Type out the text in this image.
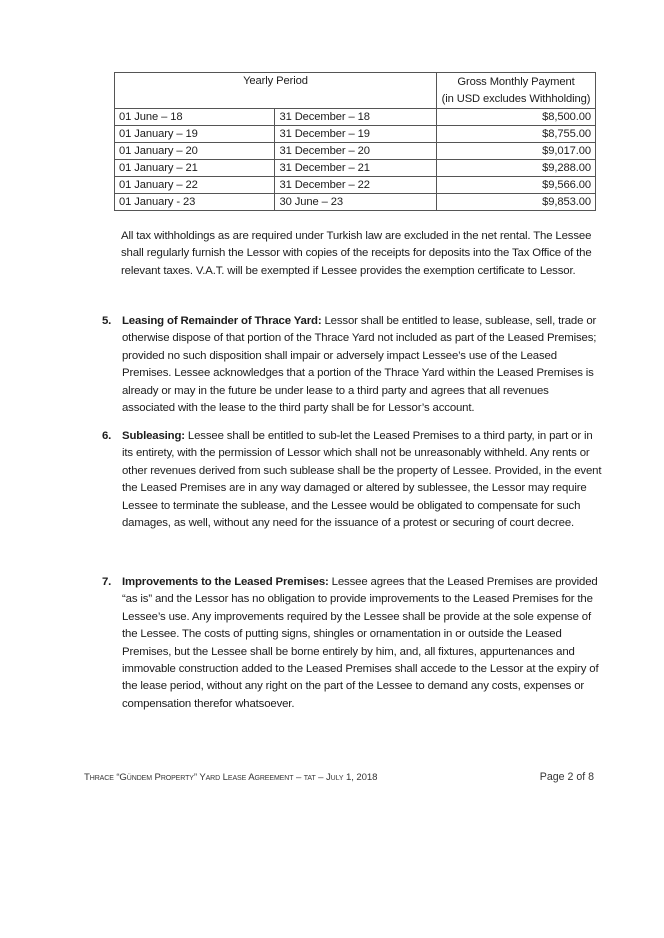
Yearly Period		Gross Monthly Payment
(in USD excludes Withholding)

01 June – 18	31 December – 18	$8,500.00
01 January – 19	31 December – 19	$8,755.00
01 January – 20	31 December – 20	$9,017.00
01 January – 21	31 December – 21	$9,288.00
01 January – 22	31 December – 22	$9,566.00
01 January - 23	30 June – 23	$9,853.00

All tax withholdings as are required under Turkish law are excluded in the net rental. The Lessee shall regularly furnish the Lessor with copies of the receipts for deposits into the Tax Office of the relevant taxes. V.A.T. will be exempted if Lessee provides the exemption certificate to Lessor.

5. Leasing of Remainder of Thrace Yard: Lessor shall be entitled to lease, sublease, sell, trade or otherwise dispose of that portion of the Thrace Yard not included as part of the Leased Premises; provided no such disposition shall impair or adversely impact Lessee’s use of the Leased Premises. Lessee acknowledges that a portion of the Thrace Yard within the Leased Premises is already or may in the future be under lease to a third party and agrees that all revenues associated with the lease to the third party shall be for Lessor’s account.
6. Subleasing: Lessee shall be entitled to sub-let the Leased Premises to a third party, in part or in its entirety, with the permission of Lessor which shall not be unreasonably withheld. Any rents or other revenues derived from such sublease shall be the property of Lessee. Provided, in the event the Leased Premises are in any way damaged or altered by sublessee, the Lessor may require Lessee to terminate the sublease, and the Lessee would be obligated to compensate for such damages, as well, without any need for the issuance of a protest or securing of court decree.
7. Improvements to the Leased Premises: Lessee agrees that the Leased Premises are provided “as is” and the Lessor has no obligation to provide improvements to the Leased Premises for the Lessee’s use. Any improvements required by the Lessee shall be provide at the sole expense of the Lessee. The costs of putting signs, shingles or ornamentation in or outside the Leased Premises, but the Lessee shall be borne entirely by him, and, all fixtures, appurtenances and immovable construction added to the Leased Premises shall accede to the Lessor at the expiry of the lease period, without any right on the part of the Lessee to demand any costs, expenses or compensation therefor whatsoever.
Thrace “Gündem Property” Yard Lease Agreement – tat – July 1, 2018	Page 2 of 8
